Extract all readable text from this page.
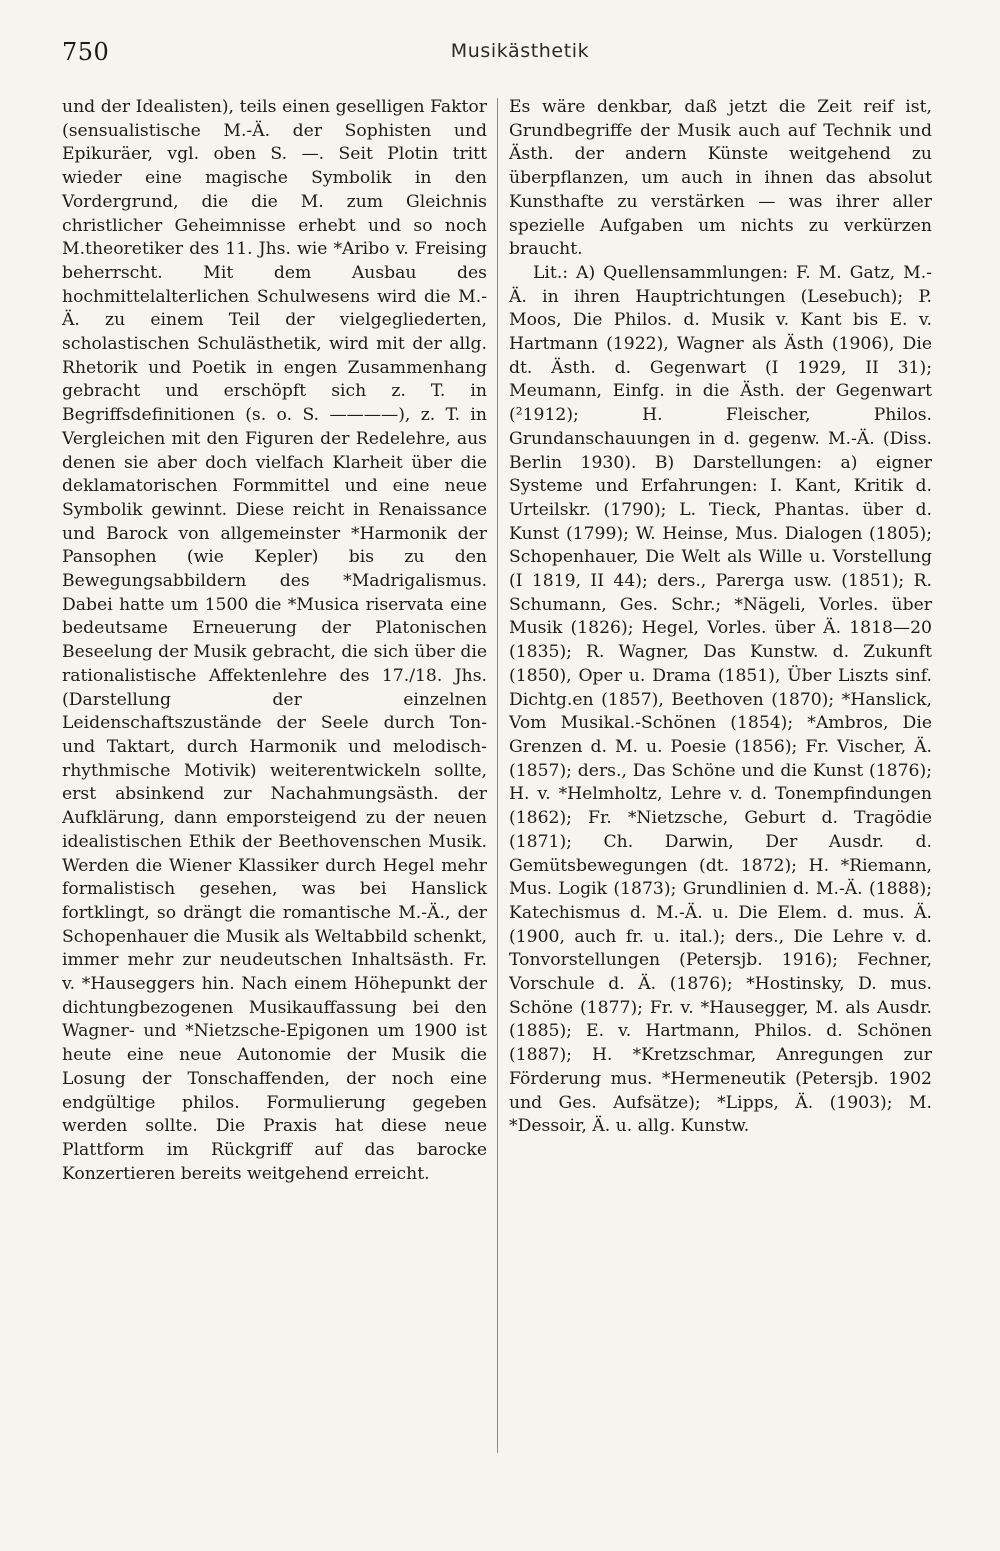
750	Musikästhetik

und der Idealisten), teils einen geselligen Faktor (sensualistische M.-Ä. der Sophisten und Epikuräer, vgl. oben S. —. Seit Plotin tritt wieder eine magische Symbolik in den Vordergrund, die die M. zum Gleichnis christlicher Geheimnisse erhebt und so noch M.theoretiker des 11. Jhs. wie *Aribo v. Freising beherrscht. Mit dem Ausbau des hochmittelalterlichen Schulwesens wird die M.-Ä. zu einem Teil der vielgegliederten, scholastischen Schulästhetik, wird mit der allg. Rhetorik und Poetik in engen Zusammenhang gebracht und erschöpft sich z. T. in Begriffsdefinitionen (s. o. S. ————), z. T. in Vergleichen mit den Figuren der Redelehre, aus denen sie aber doch vielfach Klarheit über die deklamatorischen Formmittel und eine neue Symbolik gewinnt. Diese reicht in Renaissance und Barock von allgemeinster *Harmonik der Pansophen (wie Kepler) bis zu den Bewegungsabbildern des *Madrigalismus. Dabei hatte um 1500 die *Musica riservata eine bedeutsame Erneuerung der Platonischen Beseelung der Musik gebracht, die sich über die rationalistische Affektenlehre des 17./18. Jhs. (Darstellung der einzelnen Leidenschaftszustände der Seele durch Ton- und Taktart, durch Harmonik und melodisch-rhythmische Motivik) weiterentwickeln sollte, erst absinkend zur Nachahmungsästh. der Aufklärung, dann emporsteigend zu der neuen idealistischen Ethik der Beethovenschen Musik. Werden die Wiener Klassiker durch Hegel mehr formalistisch gesehen, was bei Hanslick fortklingt, so drängt die romantische M.-Ä., der Schopenhauer die Musik als Weltabbild schenkt, immer mehr zur neudeutschen Inhaltsästh. Fr. v. *Hauseggers hin. Nach einem Höhepunkt der dichtungbezogenen Musikauffassung bei den Wagner- und *Nietzsche-Epigonen um 1900 ist heute eine neue Autonomie der Musik die Losung der Tonschaffenden, der noch eine endgültige philos. Formulierung gegeben werden sollte. Die Praxis hat diese neue Plattform im Rückgriff auf das barocke Konzertieren bereits weitgehend erreicht.

Es wäre denkbar, daß jetzt die Zeit reif ist, Grundbegriffe der Musik auch auf Technik und Ästh. der andern Künste weitgehend zu überpflanzen, um auch in ihnen das absolut Kunsthafte zu verstärken — was ihrer aller spezielle Aufgaben um nichts zu verkürzen braucht.

Lit.: A) Quellensammlungen: F. M. Gatz, M.-Ä. in ihren Hauptrichtungen (Lesebuch); P. Moos, Die Philos. d. Musik v. Kant bis E. v. Hartmann (1922), Wagner als Ästh (1906), Die dt. Ästh. d. Gegenwart (I 1929, II 31); Meumann, Einfg. in die Ästh. der Gegenwart (²1912); H. Fleischer, Philos. Grundanschauungen in d. gegenw. M.-Ä. (Diss. Berlin 1930). B) Darstellungen: a) eigner Systeme und Erfahrungen: I. Kant, Kritik d. Urteilskr. (1790); L. Tieck, Phantas. über d. Kunst (1799); W. Heinse, Mus. Dialogen (1805); Schopenhauer, Die Welt als Wille u. Vorstellung (I 1819, II 44); ders., Parerga usw. (1851); R. Schumann, Ges. Schr.; *Nägeli, Vorles. über Musik (1826); Hegel, Vorles. über Ä. 1818—20 (1835); R. Wagner, Das Kunstw. d. Zukunft (1850), Oper u. Drama (1851), Über Liszts sinf. Dichtg.en (1857), Beethoven (1870); *Hanslick, Vom Musikal.-Schönen (1854); *Ambros, Die Grenzen d. M. u. Poesie (1856); Fr. Vischer, Ä. (1857); ders., Das Schöne und die Kunst (1876); H. v. *Helmholtz, Lehre v. d. Tonempfindungen (1862); Fr. *Nietzsche, Geburt d. Tragödie (1871); Ch. Darwin, Der Ausdr. d. Gemütsbewegungen (dt. 1872); H. *Riemann, Mus. Logik (1873); Grundlinien d. M.-Ä. (1888); Katechismus d. M.-Ä. u. Die Elem. d. mus. Ä. (1900, auch fr. u. ital.); ders., Die Lehre v. d. Tonvorstellungen (Petersjb. 1916); Fechner, Vorschule d. Ä. (1876); *Hostinsky, D. mus. Schöne (1877); Fr. v. *Hausegger, M. als Ausdr. (1885); E. v. Hartmann, Philos. d. Schönen (1887); H. *Kretzschmar, Anregungen zur Förderung mus. *Hermeneutik (Petersjb. 1902 und Ges. Aufsätze); *Lipps, Ä. (1903); M. *Dessoir, Ä. u. allg. Kunstw.
